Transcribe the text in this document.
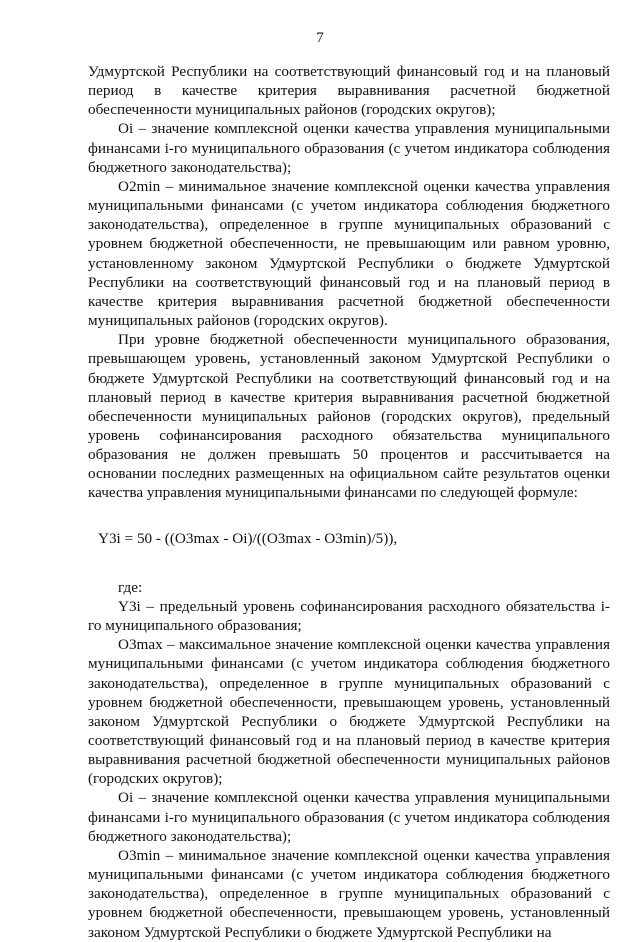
7

Удмуртской Республики на соответствующий финансовый год и на плановый период в качестве критерия выравнивания расчетной бюджетной обеспеченности муниципальных районов (городских округов);

Oi – значение комплексной оценки качества управления муниципальными финансами i-го муниципального образования (с учетом индикатора соблюдения бюджетного законодательства);

O2min – минимальное значение комплексной оценки качества управления муниципальными финансами (с учетом индикатора соблюдения бюджетного законодательства), определенное в группе муниципальных образований с уровнем бюджетной обеспеченности, не превышающим или равном уровню, установленному законом Удмуртской Республики о бюджете Удмуртской Республики на соответствующий финансовый год и на плановый период в качестве критерия выравнивания расчетной бюджетной обеспеченности муниципальных районов (городских округов).

При уровне бюджетной обеспеченности муниципального образования, превышающем уровень, установленный законом Удмуртской Республики о бюджете Удмуртской Республики на соответствующий финансовый год и на плановый период в качестве критерия выравнивания расчетной бюджетной обеспеченности муниципальных районов (городских округов), предельный уровень софинансирования расходного обязательства муниципального образования не должен превышать 50 процентов и рассчитывается на основании последних размещенных на официальном сайте результатов оценки качества управления муниципальными финансами по следующей формуле:

Y3i = 50 - ((O3max - Oi)/((O3max - O3min)/5)),

где:

Y3i – предельный уровень софинансирования расходного обязательства i-го муниципального образования;

O3max – максимальное значение комплексной оценки качества управления муниципальными финансами (с учетом индикатора соблюдения бюджетного законодательства), определенное в группе муниципальных образований с уровнем бюджетной обеспеченности, превышающем уровень, установленный законом Удмуртской Республики о бюджете Удмуртской Республики на соответствующий финансовый год и на плановый период в качестве критерия выравнивания расчетной бюджетной обеспеченности муниципальных районов (городских округов);

Oi – значение комплексной оценки качества управления муниципальными финансами i-го муниципального образования (с учетом индикатора соблюдения бюджетного законодательства);

O3min – минимальное значение комплексной оценки качества управления муниципальными финансами (с учетом индикатора соблюдения бюджетного законодательства), определенное в группе муниципальных образований с уровнем бюджетной обеспеченности, превышающем уровень, установленный законом Удмуртской Республики о бюджете Удмуртской Республики на
